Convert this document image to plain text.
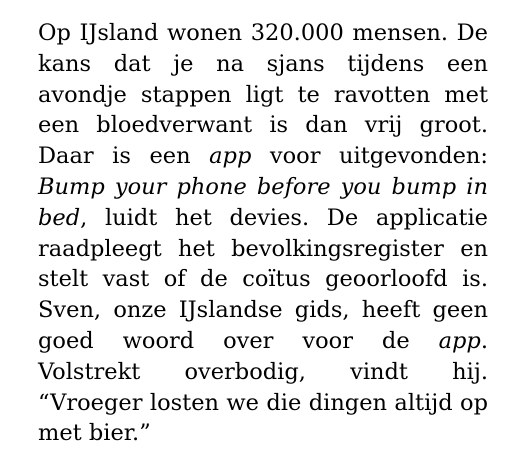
Op IJsland wonen 320.000 mensen. De kans dat je na sjans tijdens een avondje stappen ligt te ravotten met een bloedverwant is dan vrij groot. Daar is een app voor uitgevonden: Bump your phone before you bump in bed, luidt het devies. De applicatie raadpleegt het bevolkingsregister en stelt vast of de coïtus geoorloofd is. Sven, onze IJslandse gids, heeft geen goed woord over voor de app. Volstrekt overbodig, vindt hij. “Vroeger losten we die dingen altijd op met bier.”
